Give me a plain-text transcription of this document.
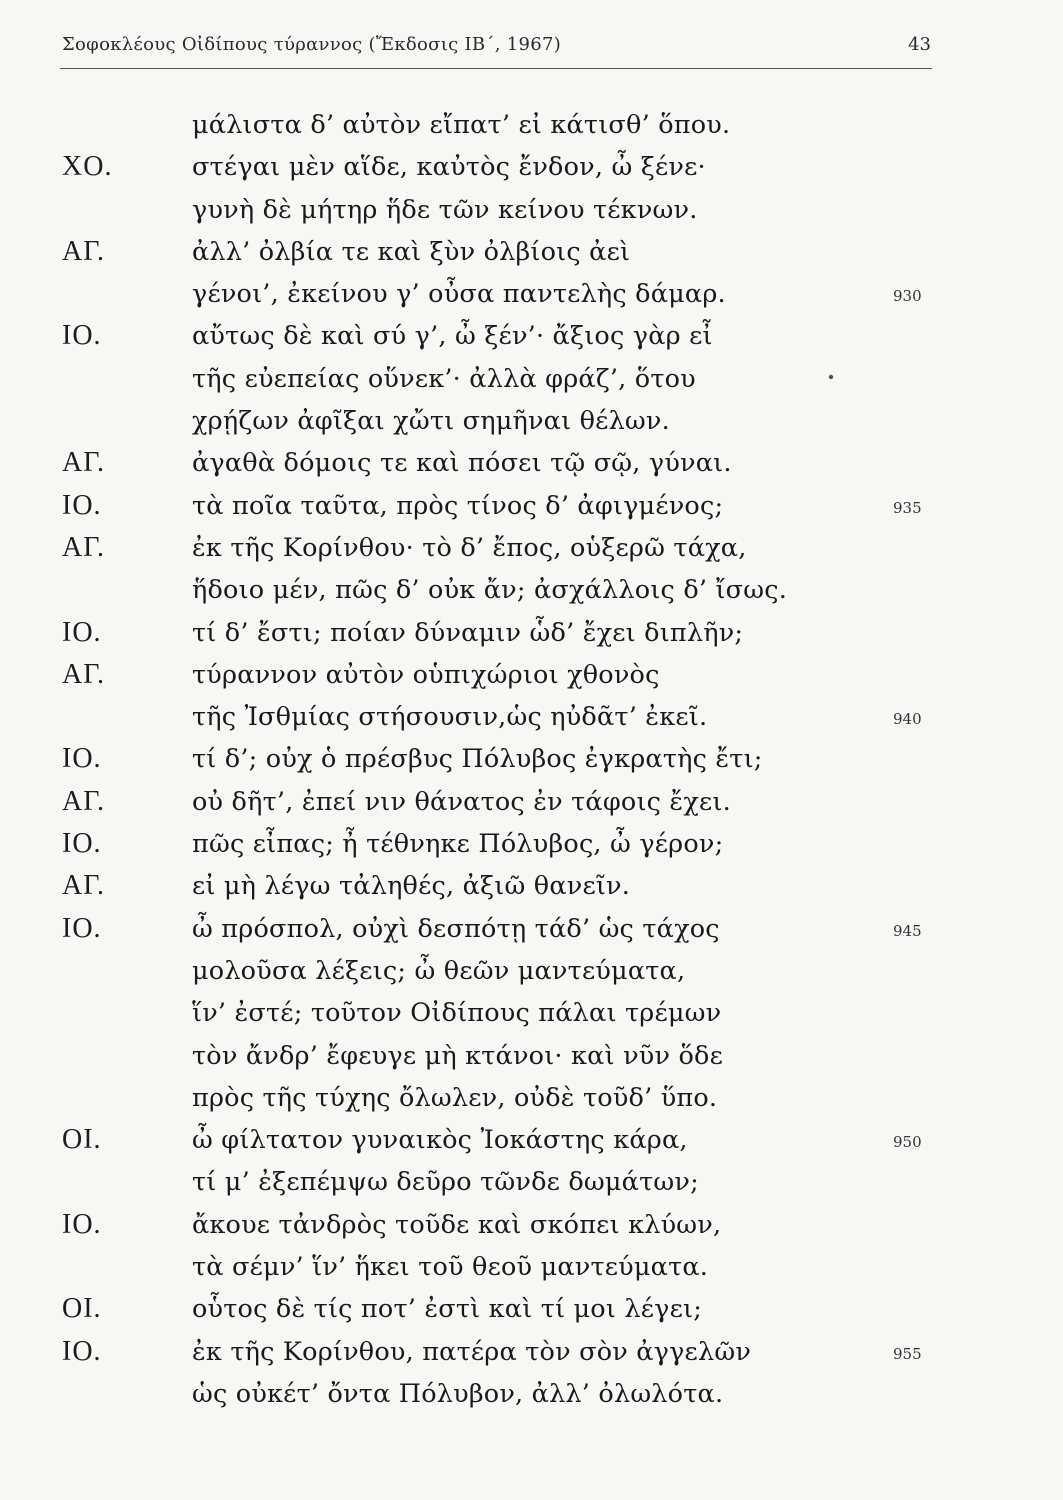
Σοφοκλέους Οἰδίπους τύραννος (Ἔκδοσις ΙΒ΄, 1967)	43
μάλιστα δ’ αὐτὸν εἴπατ’ εἰ κάτισθ’ ὅπου.
ΧΟ.	στέγαι μὲν αἵδε, καὐτὸς ἔνδον, ὦ ξένε·
γυνὴ δὲ μήτηρ ἥδε τῶν κείνου τέκνων.
ΑΓ.	ἀλλ’ ὀλβία τε καὶ ξὺν ὀλβίοις ἀεὶ
γένοι’, ἐκείνου γ’ οὖσα παντελὴς δάμαρ.	930
ΙΟ.	αὔτως δὲ καὶ σύ γ’, ὦ ξέν’· ἄξιος γὰρ εἶ
τῆς εὐεπείας οὕνεκ’· ἀλλὰ φράζ’, ὅτου
χρῄζων ἀφῖξαι χὤτι σημῆναι θέλων.
ΑΓ.	ἀγαθὰ δόμοις τε καὶ πόσει τῷ σῷ, γύναι.
ΙΟ.	τὰ ποῖα ταῦτα, πρὸς τίνος δ’ ἀφιγμένος;	935
ΑΓ.	ἐκ τῆς Κορίνθου· τὸ δ’ ἔπος, οὑξερῶ τάχα,
ἥδοιο μέν, πῶς δ’ οὐκ ἄν; ἀσχάλλοις δ’ ἴσως.
ΙΟ.	τί δ’ ἔστι; ποίαν δύναμιν ὧδ’ ἔχει διπλῆν;
ΑΓ.	τύραννον αὐτὸν οὑπιχώριοι χθονὸς
τῆς Ἰσθμίας στήσουσιν,ὡς ηὐδᾶτ’ ἐκεῖ.	940
ΙΟ.	τί δ’; οὐχ ὁ πρέσβυς Πόλυβος ἐγκρατὴς ἔτι;
ΑΓ.	οὐ δῆτ’, ἐπεί νιν θάνατος ἐν τάφοις ἔχει.
ΙΟ.	πῶς εἶπας; ἦ τέθνηκε Πόλυβος, ὦ γέρον;
ΑΓ.	εἰ μὴ λέγω τἀληθές, ἀξιῶ θανεῖν.
ΙΟ.	ὦ πρόσπολ, οὐχὶ δεσπότῃ τάδ’ ὡς τάχος	945
μολοῦσα λέξεις; ὦ θεῶν μαντεύματα,
ἵν’ ἐστέ; τοῦτον Οἰδίπους πάλαι τρέμων
τὸν ἄνδρ’ ἔφευγε μὴ κτάνοι· καὶ νῦν ὅδε
πρὸς τῆς τύχης ὄλωλεν, οὐδὲ τοῦδ’ ὕπο.
ΟΙ.	ὦ φίλτατον γυναικὸς Ἰοκάστης κάρα,	950
τί μ’ ἐξεπέμψω δεῦρο τῶνδε δωμάτων;
ΙΟ.	ἄκουε τἀνδρὸς τοῦδε καὶ σκόπει κλύων,
τὰ σέμν’ ἵν’ ἥκει τοῦ θεοῦ μαντεύματα.
ΟΙ.	οὗτος δὲ τίς ποτ’ ἐστὶ καὶ τί μοι λέγει;
ΙΟ.	ἐκ τῆς Κορίνθου, πατέρα τὸν σὸν ἀγγελῶν	955
ὡς οὐκέτ’ ὄντα Πόλυβον, ἀλλ’ ὀλωλότα.
